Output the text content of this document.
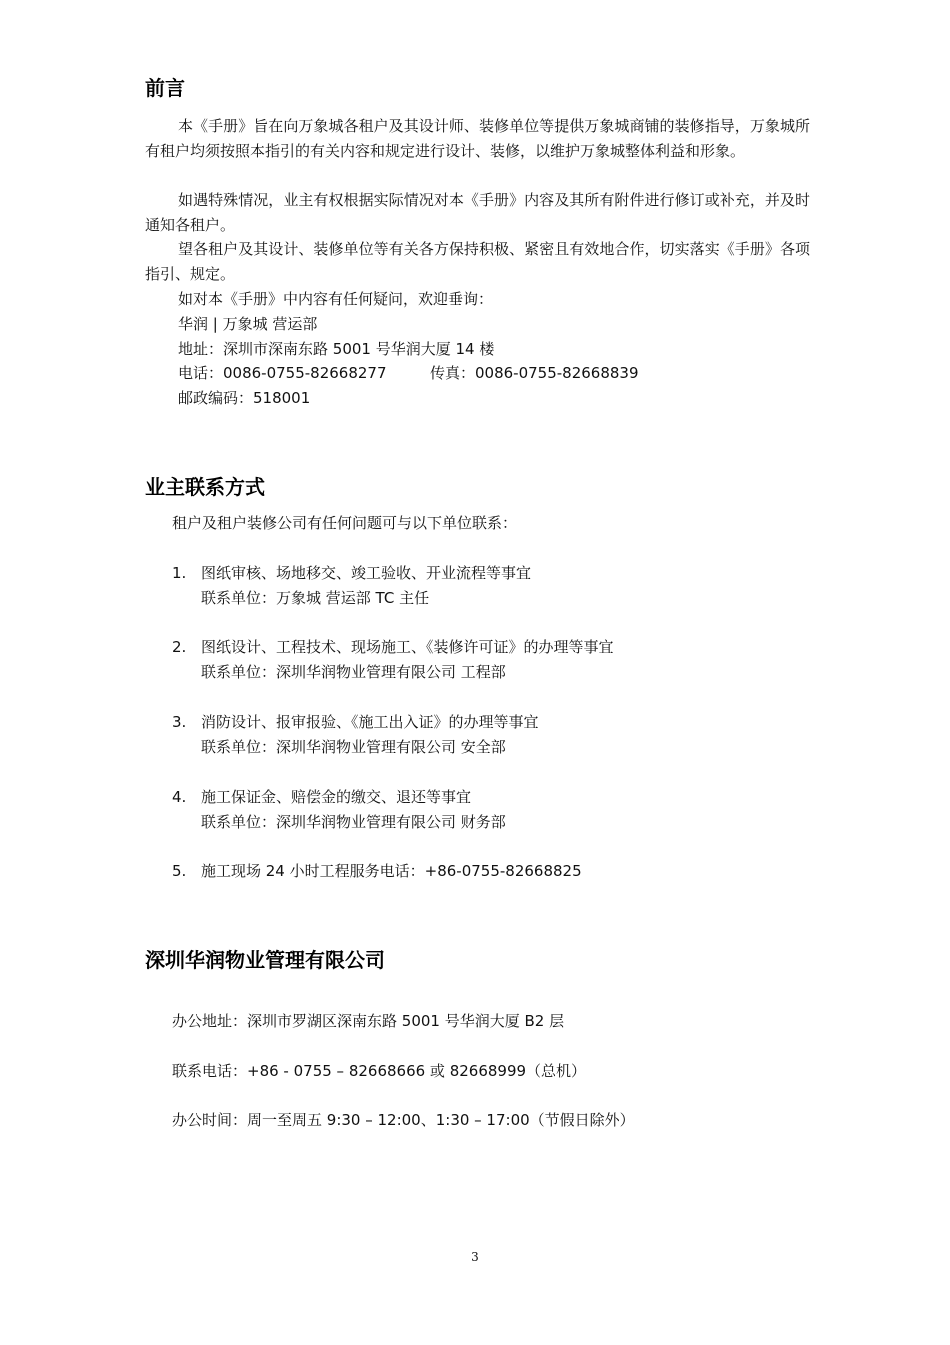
前言
本《手册》旨在向万象城各租户及其设计师、装修单位等提供万象城商铺的装修指导，万象城所有租户均须按照本指引的有关内容和规定进行设计、装修，以维护万象城整体利益和形象。
如遇特殊情况，业主有权根据实际情况对本《手册》内容及其所有附件进行修订或补充，并及时通知各租户。
望各租户及其设计、装修单位等有关各方保持积极、紧密且有效地合作，切实落实《手册》各项指引、规定。
如对本《手册》中内容有任何疑问，欢迎垂询：
华润 | 万象城 营运部
地址：深圳市深南东路 5001 号华润大厦 14 楼
电话：0086-0755-82668277	传真：0086-0755-82668839
邮政编码：518001
业主联系方式
租户及租户装修公司有任何问题可与以下单位联系：
1. 图纸审核、场地移交、竣工验收、开业流程等事宜
联系单位：万象城 营运部 TC 主任
2. 图纸设计、工程技术、现场施工、《装修许可证》的办理等事宜
联系单位：深圳华润物业管理有限公司 工程部
3. 消防设计、报审报验、《施工出入证》的办理等事宜
联系单位：深圳华润物业管理有限公司 安全部
4. 施工保证金、赔偿金的缴交、退还等事宜
联系单位：深圳华润物业管理有限公司 财务部
5. 施工现场 24 小时工程服务电话：+86-0755-82668825
深圳华润物业管理有限公司
办公地址：深圳市罗湖区深南东路 5001 号华润大厦 B2 层
联系电话：+86 - 0755 – 82668666 或 82668999（总机）
办公时间：周一至周五 9:30 – 12:00、1:30 – 17:00（节假日除外）
3
